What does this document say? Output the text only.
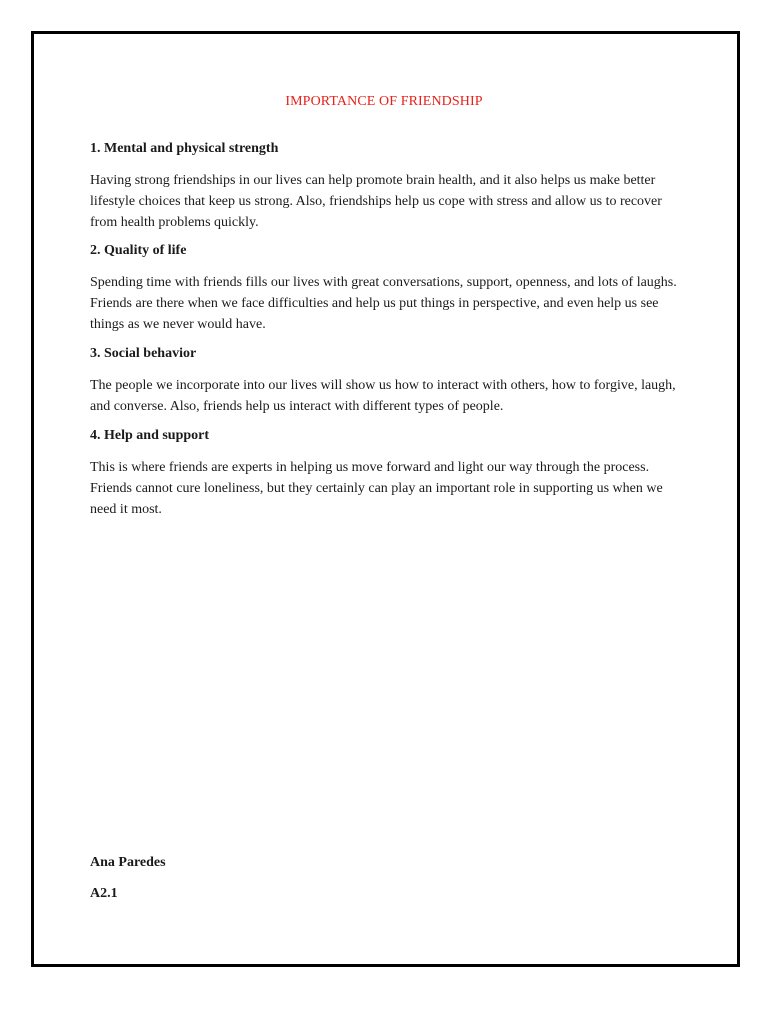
IMPORTANCE OF FRIENDSHIP
1. Mental and physical strength

Having strong friendships in our lives can help promote brain health, and it also helps us make better lifestyle choices that keep us strong. Also, friendships help us cope with stress and allow us to recover from health problems quickly.

2. Quality of life

Spending time with friends fills our lives with great conversations, support, openness, and lots of laughs. Friends are there when we face difficulties and help us put things in perspective, and even help us see things as we never would have.

3. Social behavior

The people we incorporate into our lives will show us how to interact with others, how to forgive, laugh, and converse. Also, friends help us interact with different types of people.

4. Help and support

This is where friends are experts in helping us move forward and light our way through the process. Friends cannot cure loneliness, but they certainly can play an important role in supporting us when we need it most.

Ana Paredes
A2.1
